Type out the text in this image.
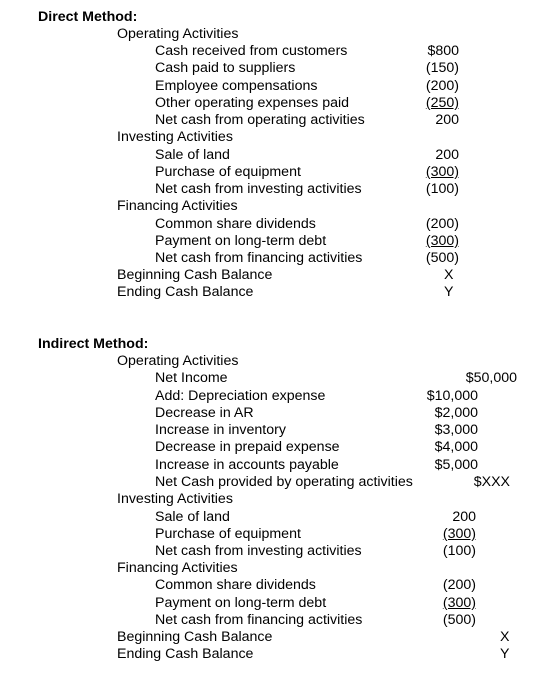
Direct Method:
Operating Activities
Cash received from customers	$800
Cash paid to suppliers	(150)
Employee compensations	(200)
Other operating expenses paid	(250)
Net cash from operating activities	200
Investing Activities
Sale of land	200
Purchase of equipment	(300)
Net cash from investing activities	(100)
Financing Activities
Common share dividends	(200)
Payment on long-term debt	(300)
Net cash from financing activities	(500)
Beginning Cash Balance	X
Ending Cash Balance	Y
Indirect Method:
Operating Activities
Net Income	$50,000
Add: Depreciation expense	$10,000
Decrease in AR	$2,000
Increase in inventory	$3,000
Decrease in prepaid expense	$4,000
Increase in accounts payable	$5,000
Net Cash provided by operating activities	$XXX
Investing Activities
Sale of land	200
Purchase of equipment	(300)
Net cash from investing activities	(100)
Financing Activities
Common share dividends	(200)
Payment on long-term debt	(300)
Net cash from financing activities	(500)
Beginning Cash Balance	X
Ending Cash Balance	Y
